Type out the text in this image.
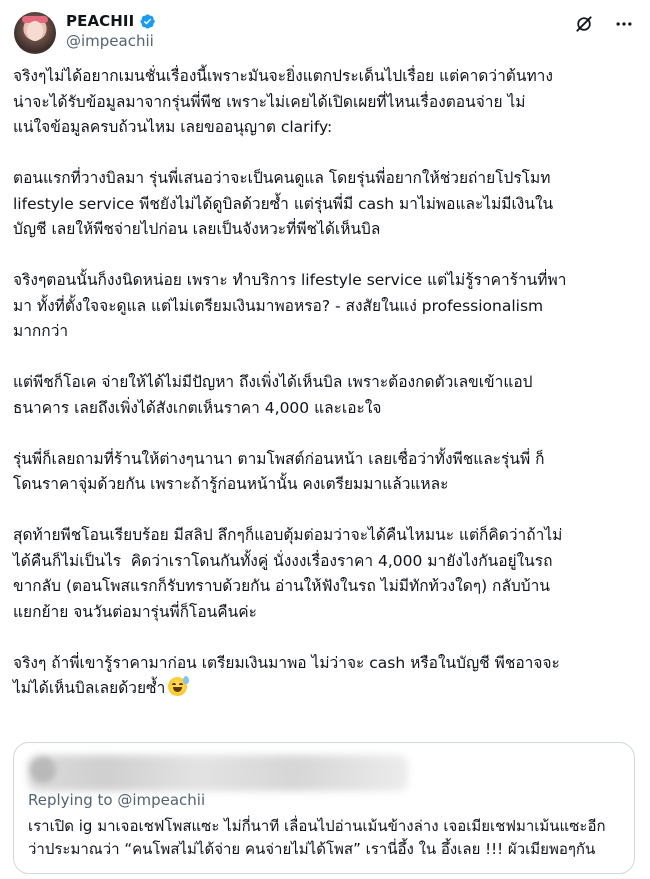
PEACHII
@impeachii

จริงๆไม่ได้อยากเมนชั่นเรื่องนี้เพราะมันจะยิ่งแตกประเด็นไปเรื่อย แต่คาดว่าต้นทาง
น่าจะได้รับข้อมูลมาจากรุ่นพี่พีช เพราะไม่เคยได้เปิดเผยที่ไหนเรื่องตอนจ่าย ไม่
แน่ใจข้อมูลครบถ้วนไหม เลยขออนุญาต clarify:

ตอนแรกที่วางบิลมา รุ่นพี่เสนอว่าจะเป็นคนดูแล โดยรุ่นพี่อยากให้ช่วยถ่ายโปรโมท
lifestyle service พีชยังไม่ได้ดูบิลด้วยซ้ำ แต่รุ่นพี่มี cash มาไม่พอและไม่มีเงินใน
บัญชี เลยให้พีชจ่ายไปก่อน เลยเป็นจังหวะที่พีชได้เห็นบิล

จริงๆตอนนั้นก็งงนิดหน่อย เพราะ ทำบริการ lifestyle service แต่ไม่รู้ราคาร้านที่พา
มา ทั้งที่ตั้งใจจะดูแล แต่ไม่เตรียมเงินมาพอหรอ? - สงสัยในแง่ professionalism
มากกว่า

แต่พีชก็โอเค จ่ายให้ได้ไม่มีปัญหา ถึงเพิ่งได้เห็นบิล เพราะต้องกดตัวเลขเข้าแอป
ธนาคาร เลยถึงเพิ่งได้สังเกตเห็นราคา 4,000 และเอะใจ

รุ่นพี่ก็เลยถามที่ร้านให้ต่างๆนานา ตามโพสต์ก่อนหน้า เลยเชื่อว่าทั้งพีชและรุ่นพี่ ก็
โดนราคาจุ่มด้วยกัน เพราะถ้ารู้ก่อนหน้านั้น คงเตรียมมาแล้วแหละ

สุดท้ายพีชโอนเรียบร้อย มีสลิป ลึกๆก็แอบตุ้มต่อมว่าจะได้คืนไหมนะ แต่ก็คิดว่าถ้าไม่
ได้คืนก็ไม่เป็นไร  คิดว่าเราโดนกันทั้งคู่ นั่งงงเรื่องราคา 4,000 มายังไงกันอยู่ในรถ
ขากลับ (ตอนโพสแรกก็รับทราบด้วยกัน อ่านให้ฟังในรถ ไม่มีทักท้วงใดๆ) กลับบ้าน
แยกย้าย จนวันต่อมารุ่นพี่ก็โอนคืนค่ะ

จริงๆ ถ้าพี่เขารู้ราคามาก่อน เตรียมเงินมาพอ ไม่ว่าจะ cash หรือในบัญชี พีชอาจจะ
ไม่ได้เห็นบิลเลยด้วยซ้ำ

Replying to @impeachii
เราเปิด ig มาเจอเชฟโพสแซะ ไม่กี่นาที เลื่อนไปอ่านเม้นข้างล่าง เจอเมียเชฟมาเม้นแซะอีก
ว่าประมาณว่า “คนโพสไม่ได้จ่าย คนจ่ายไม่ได้โพส” เรานี่อึ้ง ใน อึ้งเลย !!! ผัวเมียพอๆกัน
